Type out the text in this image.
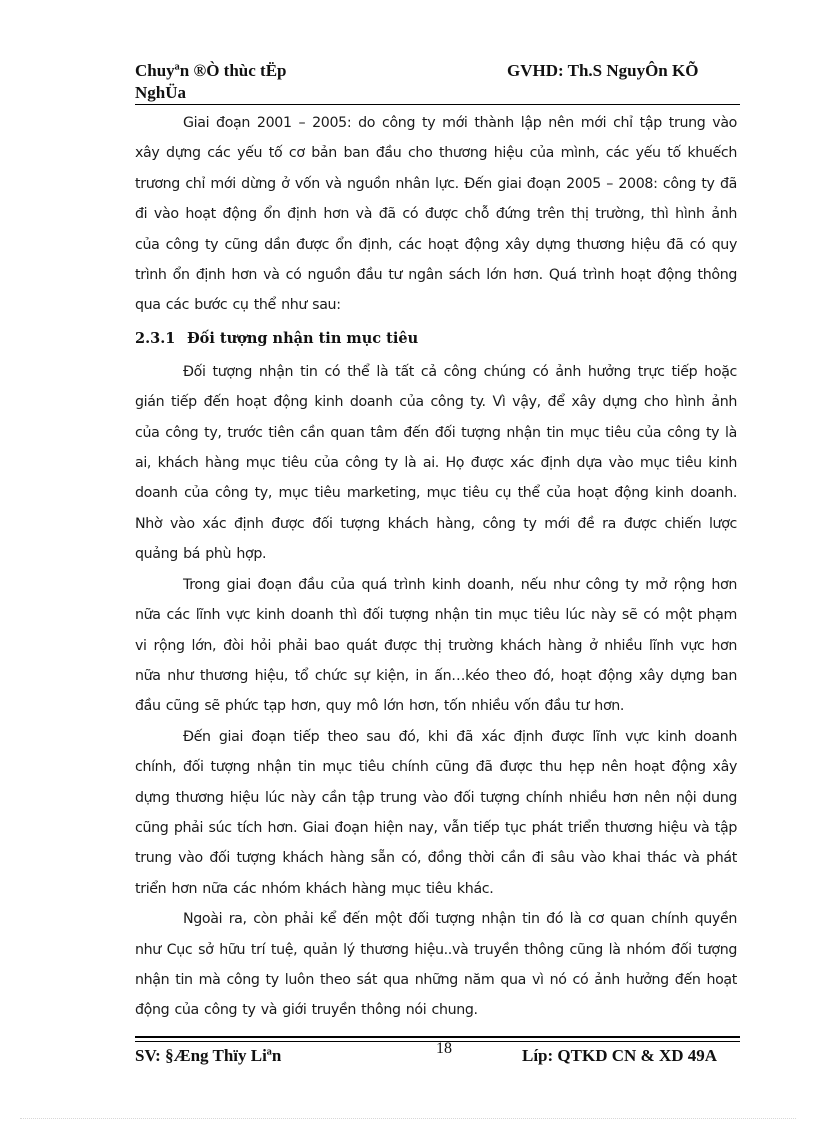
Chuyªn ®Ò thùc tËp
NghÜa
GVHD: Th.S NguyÔn KÕ

Giai đoạn 2001 – 2005: do công ty mới thành lập nên mới chỉ tập trung vào xây dựng các yếu tố cơ bản ban đầu cho thương hiệu của mình, các yếu tố khuếch trương chỉ mới dừng ở vốn và nguồn nhân lực. Đến giai đoạn 2005 – 2008: công ty đã đi vào hoạt động ổn định hơn và đã có được chỗ đứng trên thị trường, thì hình ảnh của công ty cũng dần được ổn định, các hoạt động xây dựng thương hiệu đã có quy trình ổn định hơn và có nguồn đầu tư ngân sách lớn hơn. Quá trình hoạt động thông qua các bước cụ thể như sau:

2.3.1 Đối tượng nhận tin mục tiêu

Đối tượng nhận tin có thể là tất cả công chúng có ảnh hưởng trực tiếp hoặc gián tiếp đến hoạt động kinh doanh của công ty. Vì vậy, để xây dựng cho hình ảnh của công ty, trước tiên cần quan tâm đến đối tượng nhận tin mục tiêu của công ty là ai, khách hàng mục tiêu của công ty là ai. Họ được xác định dựa vào mục tiêu kinh doanh của công ty, mục tiêu marketing, mục tiêu cụ thể của hoạt động kinh doanh. Nhờ vào xác định được đối tượng khách hàng, công ty mới đề ra được chiến lược quảng bá phù hợp.

Trong giai đoạn đầu của quá trình kinh doanh, nếu như công ty mở rộng hơn nữa các lĩnh vực kinh doanh thì đối tượng nhận tin mục tiêu lúc này sẽ có một phạm vi rộng lớn, đòi hỏi phải bao quát được thị trường khách hàng ở nhiều lĩnh vực hơn nữa như thương hiệu, tổ chức sự kiện, in ấn…kéo theo đó, hoạt động xây dựng ban đầu cũng sẽ phức tạp hơn, quy mô lớn hơn, tốn nhiều vốn đầu tư hơn.

Đến giai đoạn tiếp theo sau đó, khi đã xác định được lĩnh vực kinh doanh chính, đối tượng nhận tin mục tiêu chính cũng đã được thu hẹp nên hoạt động xây dựng thương hiệu lúc này cần tập trung vào đối tượng chính nhiều hơn nên nội dung cũng phải súc tích hơn. Giai đoạn hiện nay, vẫn tiếp tục phát triển thương hiệu và tập trung vào đối tượng khách hàng sẵn có, đồng thời cần đi sâu vào khai thác và phát triển hơn nữa các nhóm khách hàng mục tiêu khác.

Ngoài ra, còn phải kể đến một đối tượng nhận tin đó là cơ quan chính quyền như Cục sở hữu trí tuệ, quản lý thương hiệu..và truyền thông cũng là nhóm đối tượng nhận tin mà công ty luôn theo sát qua những năm qua vì nó có ảnh hưởng đến hoạt động của công ty và giới truyền thông nói chung.

SV: §Æng Thïy Liªn	18	Líp: QTKD CN & XD 49A
